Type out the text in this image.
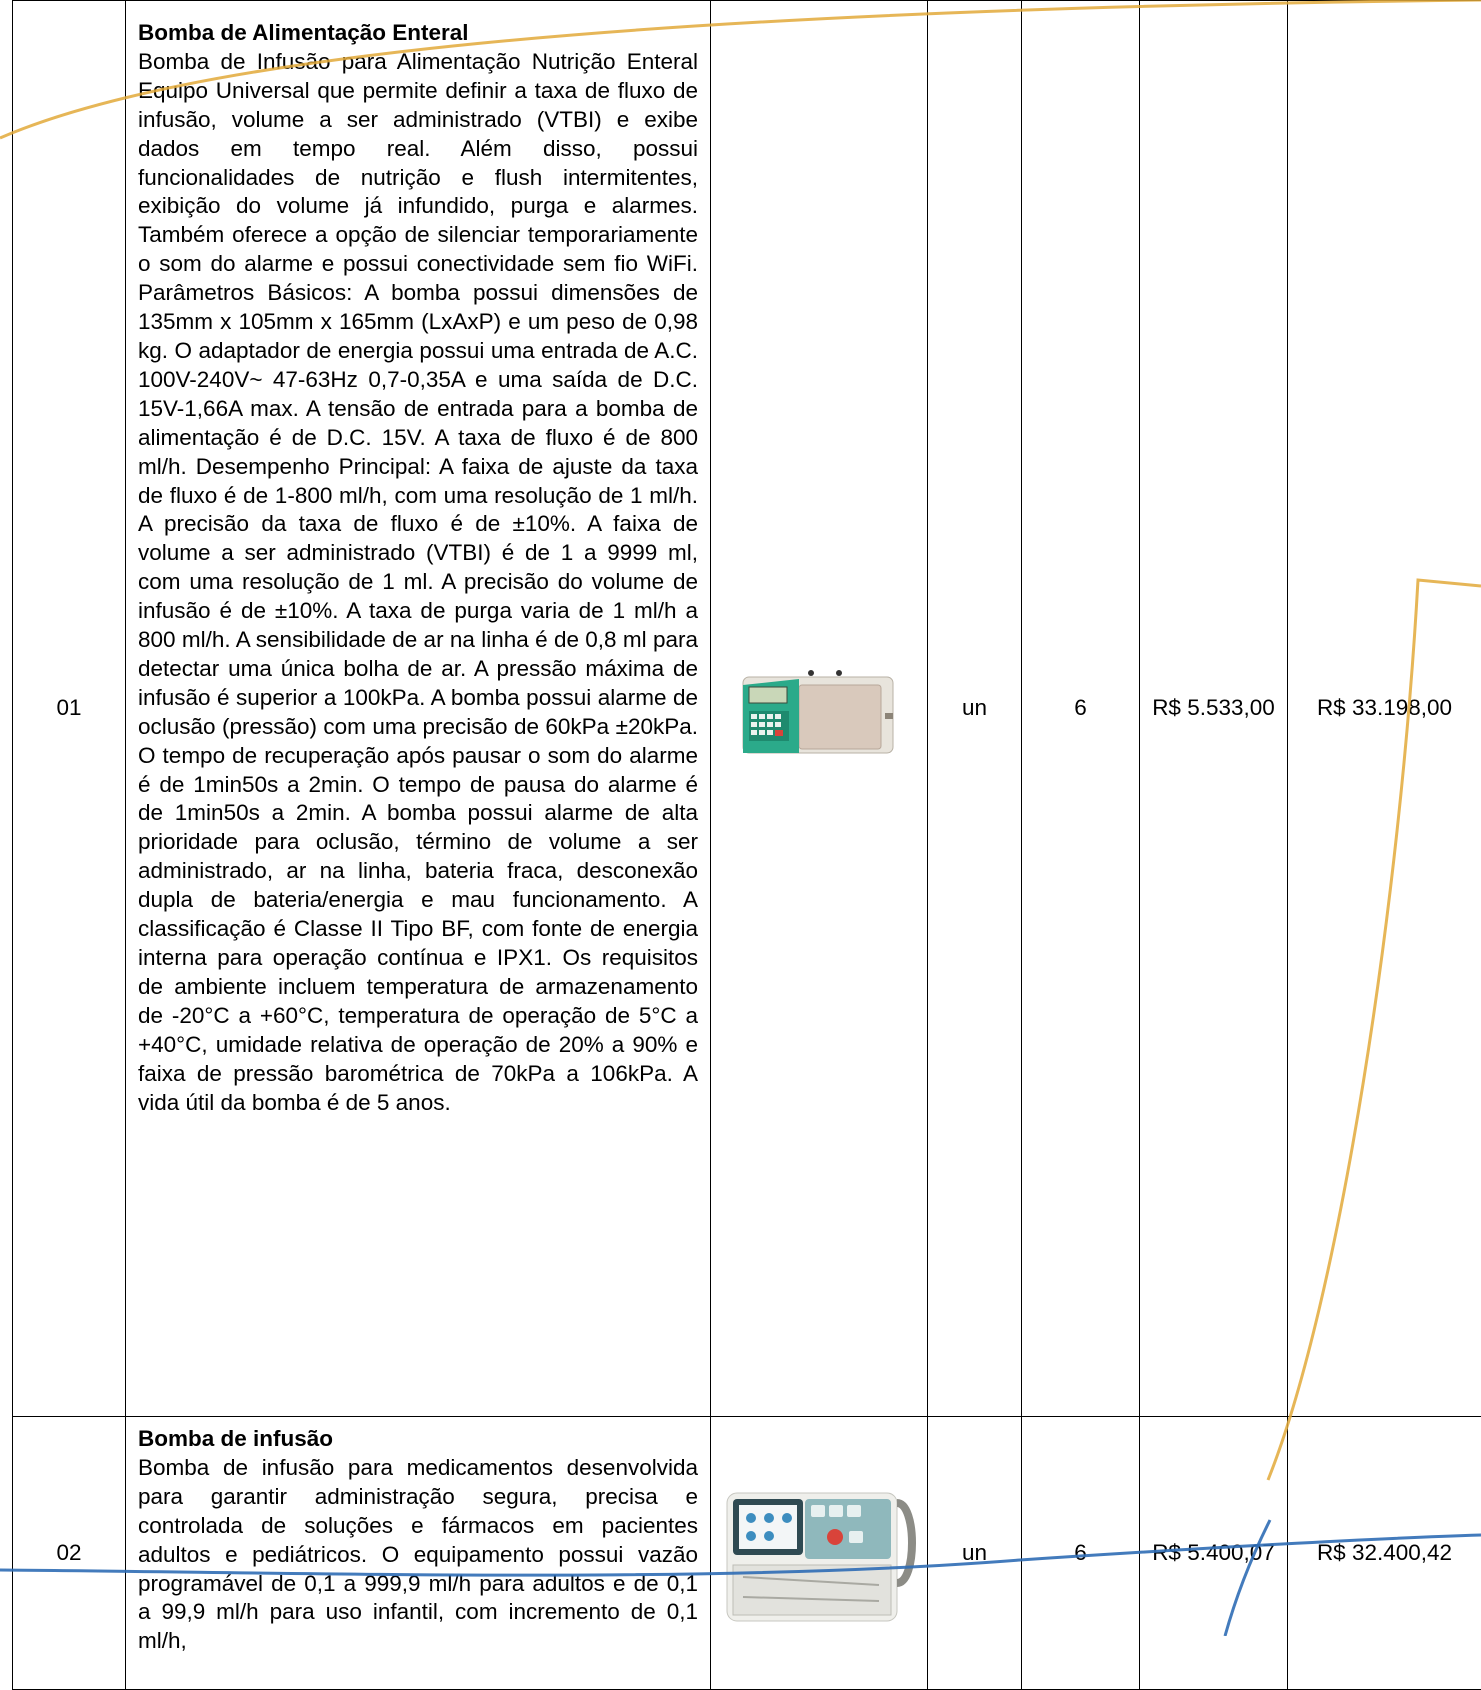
01	Bomba de Alimentação Enteral
Bomba de Infusão para Alimentação Nutrição Enteral Equipo Universal que permite definir a taxa de fluxo de infusão, volume a ser administrado (VTBI) e exibe dados em tempo real. Além disso, possui funcionalidades de nutrição e flush intermitentes, exibição do volume já infundido, purga e alarmes. Também oferece a opção de silenciar temporariamente o som do alarme e possui conectividade sem fio WiFi. Parâmetros Básicos: A bomba possui dimensões de 135mm x 105mm x 165mm (LxAxP) e um peso de 0,98 kg. O adaptador de energia possui uma entrada de A.C. 100V-240V~ 47-63Hz 0,7-0,35A e uma saída de D.C. 15V-1,66A max. A tensão de entrada para a bomba de alimentação é de D.C. 15V. A taxa de fluxo é de 800 ml/h. Desempenho Principal: A faixa de ajuste da taxa de fluxo é de 1-800 ml/h, com uma resolução de 1 ml/h. A precisão da taxa de fluxo é de ±10%. A faixa de volume a ser administrado (VTBI) é de 1 a 9999 ml, com uma resolução de 1 ml. A precisão do volume de infusão é de ±10%. A taxa de purga varia de 1 ml/h a 800 ml/h. A sensibilidade de ar na linha é de 0,8 ml para detectar uma única bolha de ar. A pressão máxima de infusão é superior a 100kPa. A bomba possui alarme de oclusão (pressão) com uma precisão de 60kPa ±20kPa. O tempo de recuperação após pausar o som do alarme é de 1min50s a 2min. O tempo de pausa do alarme é de 1min50s a 2min. A bomba possui alarme de alta prioridade para oclusão, término de volume a ser administrado, ar na linha, bateria fraca, desconexão dupla de bateria/energia e mau funcionamento. A classificação é Classe II Tipo BF, com fonte de energia interna para operação contínua e IPX1. Os requisitos de ambiente incluem temperatura de armazenamento de -20°C a +60°C, temperatura de operação de 5°C a +40°C, umidade relativa de operação de 20% a 90% e faixa de pressão barométrica de 70kPa a 106kPa. A vida útil da bomba é de 5 anos.		un	6	R$ 5.533,00	R$ 33.198,00
02	Bomba de infusão
Bomba de infusão para medicamentos desenvolvida para garantir administração segura, precisa e controlada de soluções e fármacos em pacientes adultos e pediátricos. O equipamento possui vazão programável de 0,1 a 999,9 ml/h para adultos e de 0,1 a 99,9 ml/h para uso infantil, com incremento de 0,1 ml/h,		un	6	R$ 5.400,07	R$ 32.400,42
